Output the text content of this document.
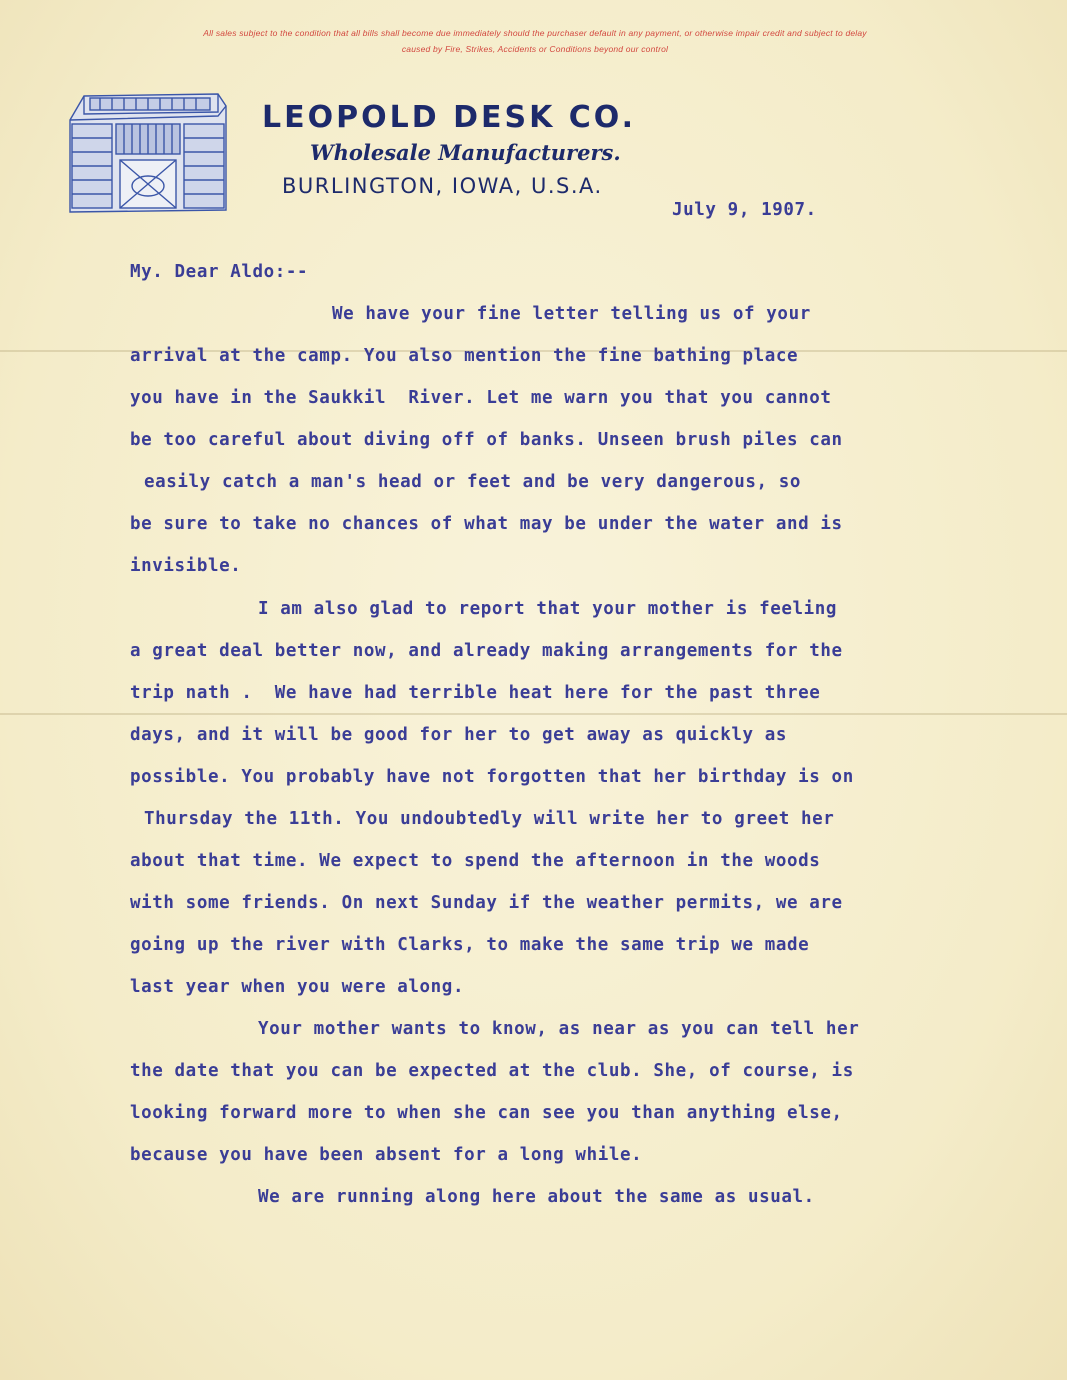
All sales subject to the condition that all bills shall become due immediately should the purchaser default in any payment, or otherwise impair credit and subject to delay
caused by Fire, Strikes, Accidents or Conditions beyond our control
LEOPOLD DESK CO.
Wholesale Manufacturers.
BURLINGTON, IOWA, U.S.A.
July 9, 1907.

My. Dear Aldo:--

We have your fine letter telling us of your

arrival at the camp. You also mention the fine bathing place

you have in the Saukkil  River. Let me warn you that you cannot

be too careful about diving off of banks. Unseen brush piles can

easily catch a man's head or feet and be very dangerous, so

be sure to take no chances of what may be under the water and is

invisible.

I am also glad to report that your mother is feeling

a great deal better now, and already making arrangements for the

trip nath .  We have had terrible heat here for the past three

days, and it will be good for her to get away as quickly as

possible. You probably have not forgotten that her birthday is on

Thursday the 11th. You undoubtedly will write her to greet her

about that time. We expect to spend the afternoon in the woods

with some friends. On next Sunday if the weather permits, we are

going up the river with Clarks, to make the same trip we made

last year when you were along.

Your mother wants to know, as near as you can tell her

the date that you can be expected at the club. She, of course, is

looking forward more to when she can see you than anything else,

because you have been absent for a long while.

We are running along here about the same as usual.
